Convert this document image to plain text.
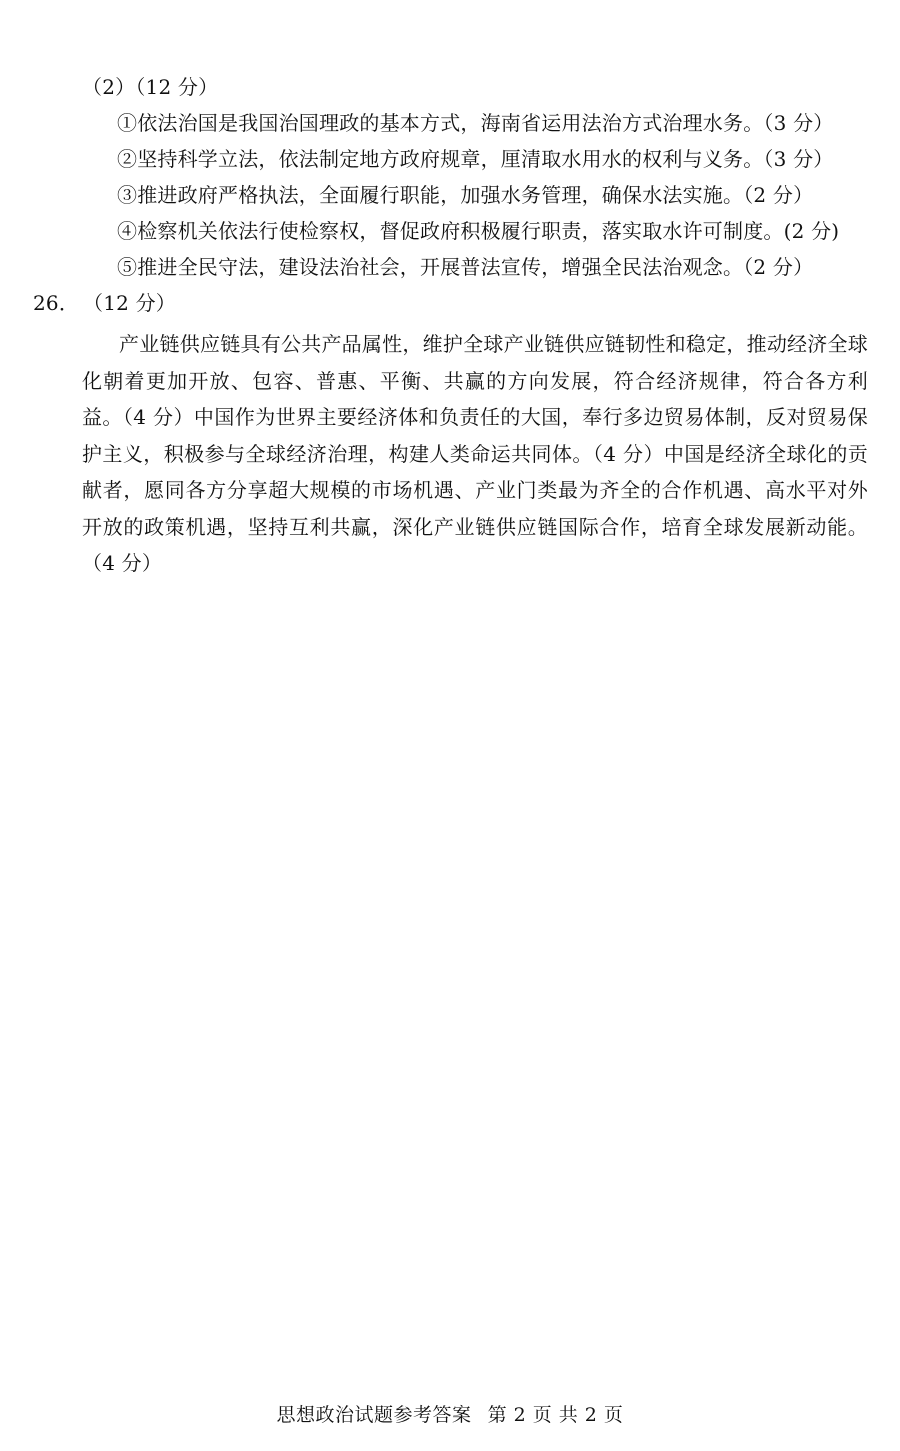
（2）（12 分）
①依法治国是我国治国理政的基本方式，海南省运用法治方式治理水务。（3 分）
②坚持科学立法，依法制定地方政府规章，厘清取水用水的权利与义务。（3 分）
③推进政府严格执法，全面履行职能，加强水务管理，确保水法实施。（2 分）
④检察机关依法行使检察权，督促政府积极履行职责，落实取水许可制度。(2 分)
⑤推进全民守法，建设法治社会，开展普法宣传，增强全民法治观念。（2 分）
26． （12 分）
产业链供应链具有公共产品属性，维护全球产业链供应链韧性和稳定，推动经济全球化朝着更加开放、包容、普惠、平衡、共赢的方向发展，符合经济规律，符合各方利益。（4 分）中国作为世界主要经济体和负责任的大国，奉行多边贸易体制，反对贸易保护主义，积极参与全球经济治理，构建人类命运共同体。（4 分）中国是经济全球化的贡献者，愿同各方分享超大规模的市场机遇、产业门类最为齐全的合作机遇、高水平对外开放的政策机遇，坚持互利共赢，深化产业链供应链国际合作，培育全球发展新动能。（4 分）
思想政治试题参考答案 第 2 页 共 2 页
